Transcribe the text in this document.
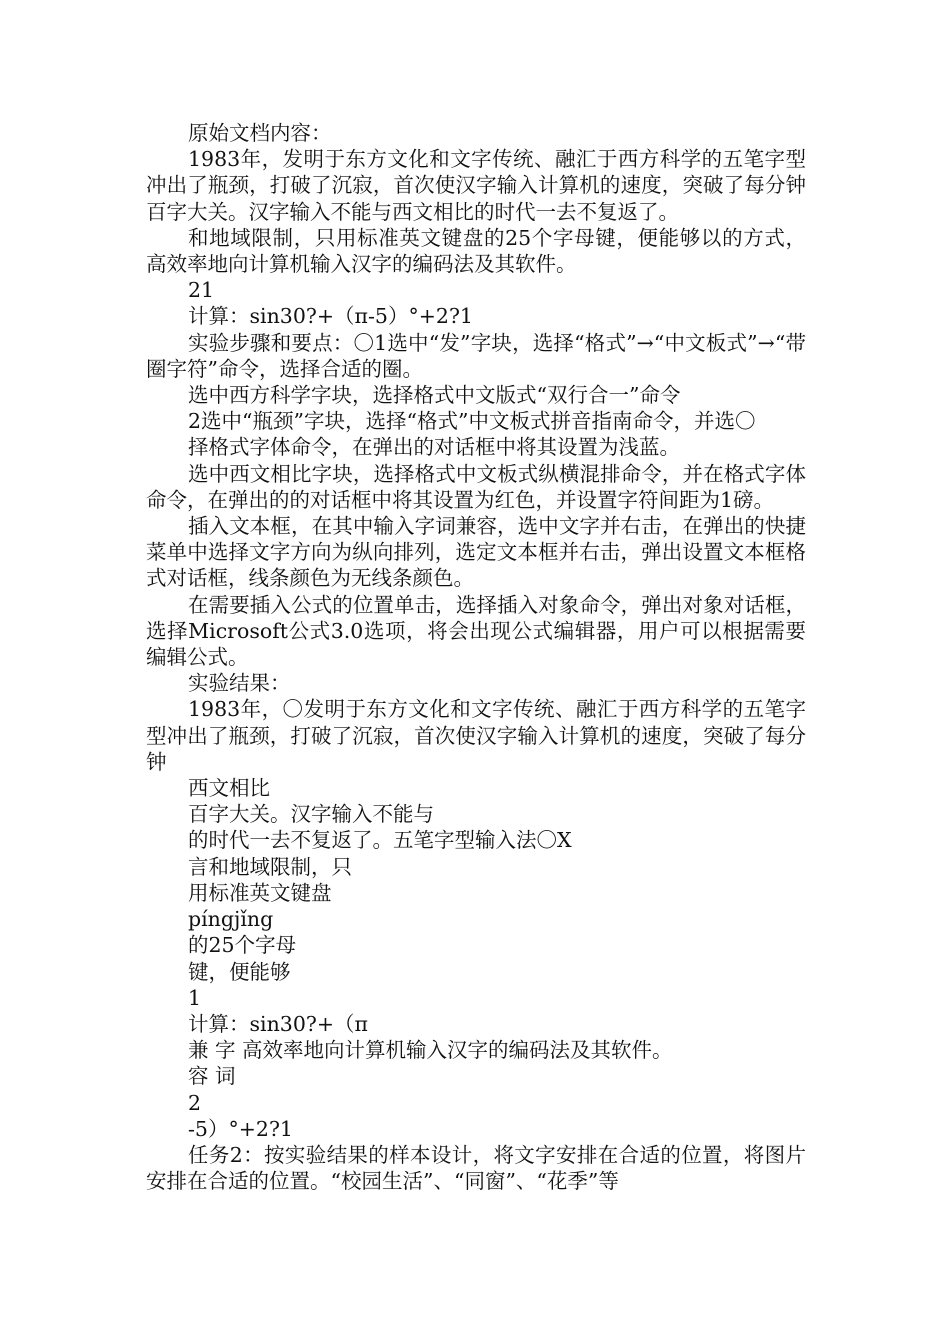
原始文档内容：

1983年，发明于东方文化和文字传统、融汇于西方科学的五笔字型冲出了瓶颈，打破了沉寂，首次使汉字输入计算机的速度，突破了每分钟百字大关。汉字输入不能与西文相比的时代一去不复返了。

和地域限制，只用标准英文键盘的25个字母键，便能够以的方式，高效率地向计算机输入汉字的编码法及其软件。

21

计算：sin30?+（π-5）°+2?1

实验步骤和要点：〇1选中“发”字块，选择“格式”→“中文板式”→“带圈字符”命令，选择合适的圈。

选中西方科学字块，选择格式中文版式“双行合一”命令

2选中“瓶颈”字块，选择“格式”中文板式拼音指南命令，并选〇

择格式字体命令，在弹出的对话框中将其设置为浅蓝。

选中西文相比字块，选择格式中文板式纵横混排命令，并在格式字体命令，在弹出的的对话框中将其设置为红色，并设置字符间距为1磅。

插入文本框，在其中输入字词兼容，选中文字并右击，在弹出的快捷菜单中选择文字方向为纵向排列，选定文本框并右击，弹出设置文本框格式对话框，线条颜色为无线条颜色。

在需要插入公式的位置单击，选择插入对象命令，弹出对象对话框，选择Microsoft公式3.0选项，将会出现公式编辑器，用户可以根据需要编辑公式。

实验结果：

1983年，〇发明于东方文化和文字传统、融汇于西方科学的五笔字型冲出了瓶颈，打破了沉寂，首次使汉字输入计算机的速度，突破了每分钟

西文相比

百字大关。汉字输入不能与

的时代一去不复返了。五笔字型输入法〇X

言和地域限制，只

用标准英文键盘

píngjǐng

的25个字母

键，便能够

1

计算：sin30?+（π

兼 字 高效率地向计算机输入汉字的编码法及其软件。

容 词

2

-5）°+2?1

任务2：按实验结果的样本设计，将文字安排在合适的位置，将图片安排在合适的位置。“校园生活”、“同窗”、“花季”等
